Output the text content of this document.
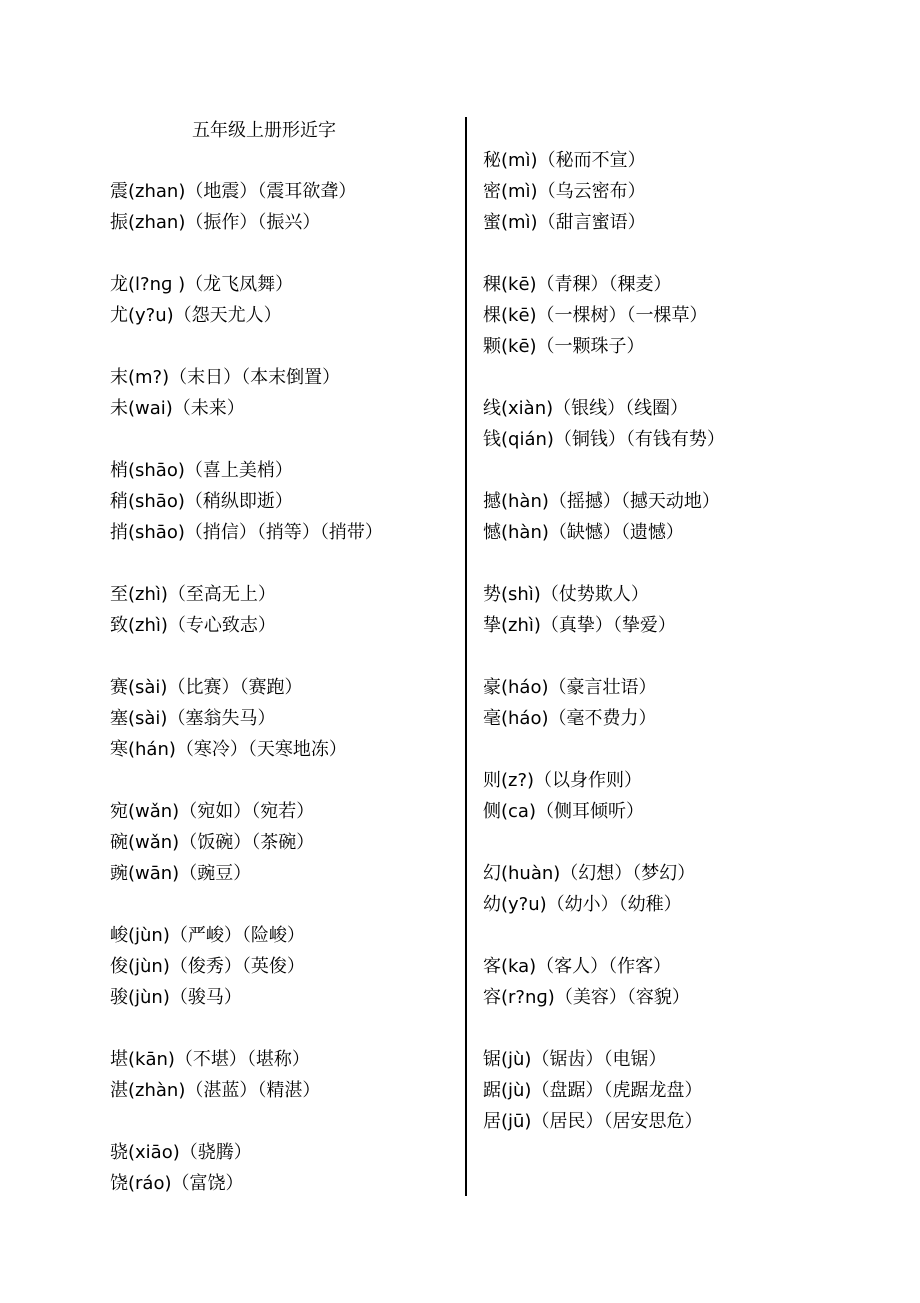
五年级上册形近字
震(zhan)（地震）（震耳欲聋）
振(zhan)（振作）（振兴）
龙(l?nɡ )（龙飞凤舞）
尤(y?u)（怨天尤人）
末(m?)（末日）（本末倒置）
未(wai)（未来）
梢(shāo)（喜上美梢）
稍(shāo)（稍纵即逝）
捎(shāo)（捎信）（捎等）（捎带）
至(zhì)（至高无上）
致(zhì)（专心致志）
赛(sài)（比赛）（赛跑）
塞(sài)（塞翁失马）
寒(hán)（寒冷）（天寒地冻）
宛(wǎn)（宛如）（宛若）
碗(wǎn)（饭碗）（茶碗）
豌(wān)（豌豆）
峻(jùn)（严峻）（险峻）
俊(jùn)（俊秀）（英俊）
骏(jùn)（骏马）
堪(kān)（不堪）（堪称）
湛(zhàn)（湛蓝）（精湛）
骁(xiāo)（骁腾）
饶(ráo)（富饶）
秘(mì)（秘而不宣）
密(mì)（乌云密布）
蜜(mì)（甜言蜜语）
稞(kē)（青稞）（稞麦）
棵(kē)（一棵树）（一棵草）
颗(kē)（一颗珠子）
线(xiàn)（银线）（线圈）
钱(qián)（铜钱）（有钱有势）
撼(hàn)（摇撼）（撼天动地）
憾(hàn)（缺憾）（遗憾）
势(shì)（仗势欺人）
挚(zhì)（真挚）（挚爱）
豪(háo)（豪言壮语）
毫(háo)（毫不费力）
则(z?)（以身作则）
侧(ca)（侧耳倾听）
幻(huàn)（幻想）（梦幻）
幼(y?u)（幼小）（幼稚）
客(ka)（客人）（作客）
容(r?nɡ)（美容）（容貌）
锯(jù)（锯齿）（电锯）
踞(jù)（盘踞）（虎踞龙盘）
居(jū)（居民）（居安思危）
